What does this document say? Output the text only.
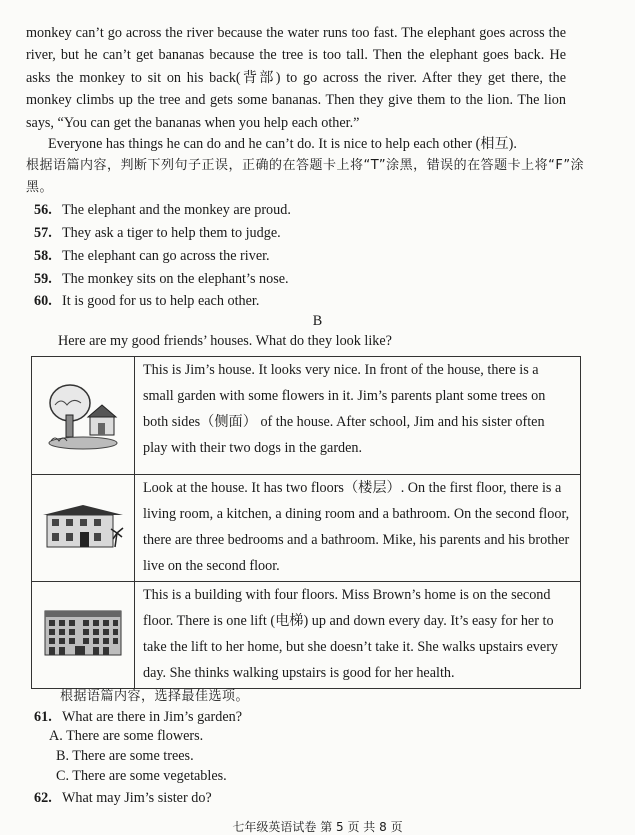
monkey can’t go across the river because the water runs too fast. The elephant goes across the river, but he can’t get bananas because the tree is too tall. Then the elephant goes back. He asks the monkey to sit on his back(背部) to go across the river. After they get there, the monkey climbs up the tree and gets some bananas. Then they give them to the lion. The lion says, “You can get the bananas when you help each other.”

Everyone has things he can do and he can’t do. It is nice to help each other (相互).

根据语篇内容，判断下列句子正误，正确的在答题卡上将“T”涂黑，错误的在答题卡上将“F”涂黑。
56. The elephant and the monkey are proud.
57. They ask a tiger to help them to judge.
58. The elephant can go across the river.
59. The monkey sits on the elephant’s nose.
60. It is good for us to help each other.
B
Here are my good friends’ houses. What do they look like?
	This is Jim’s house. It looks very nice. In front of the house, there is a small garden with some flowers in it. Jim’s parents plant some trees on both sides（侧面） of the house. After school, Jim and his sister often play with their two dogs in the garden.
	Look at the house. It has two floors（楼层）. On the first floor, there is a living room, a kitchen, a dining room and a bathroom. On the second floor, there are three bedrooms and a bathroom. Mike, his parents and his brother live on the second floor.
	This is a building with four floors. Miss Brown’s home is on the second floor. There is one lift (电梯) up and down every day. It’s easy for her to take the lift to her home, but she doesn’t take it. She walks upstairs every day. She thinks walking upstairs is good for her health.
根据语篇内容，选择最佳选项。
61. What are there in Jim’s garden?
A. There are some flowers.
B. There are some trees.
C. There are some vegetables.
62. What may Jim’s sister do?
七年级英语试卷 第 5 页 共 8 页
